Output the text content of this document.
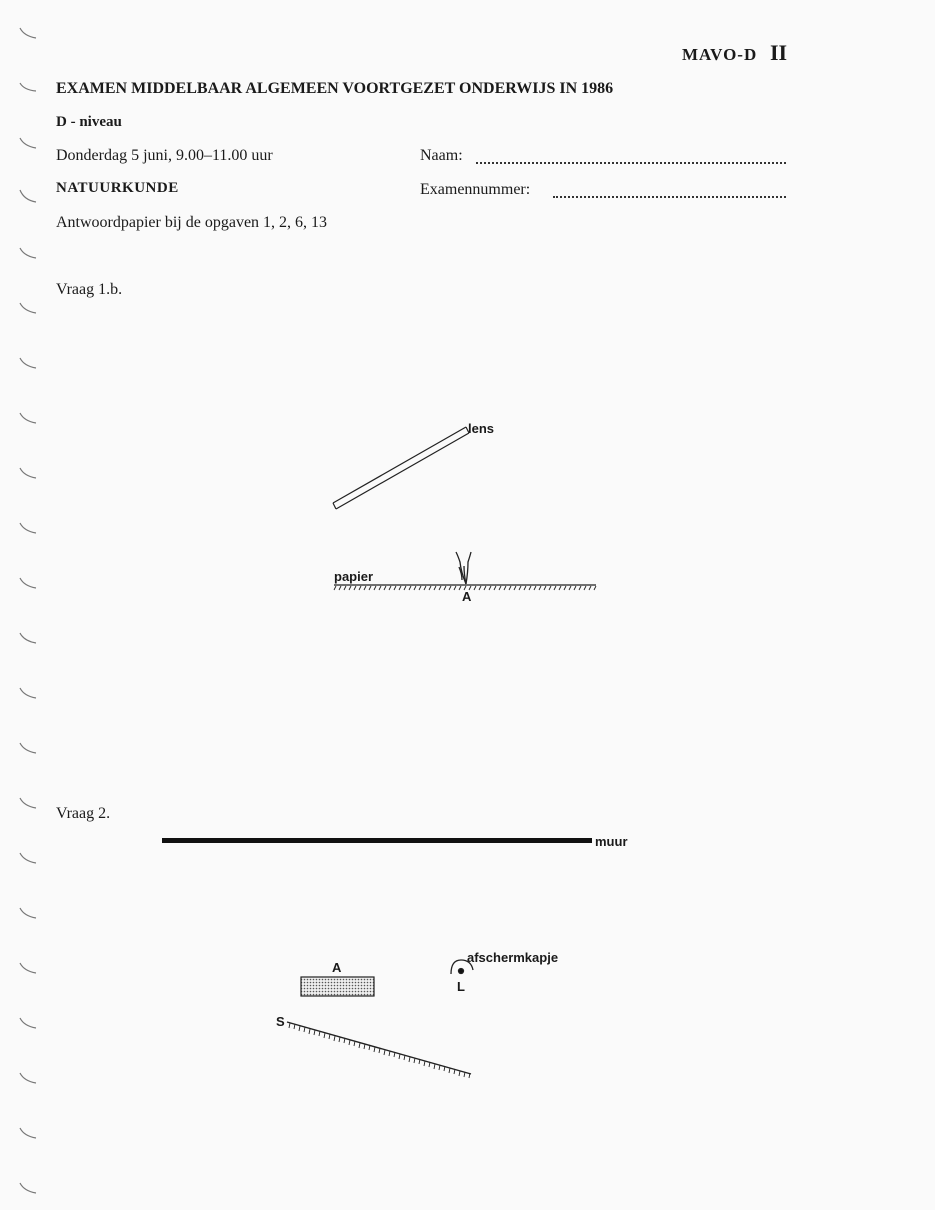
MAVO-D II
EXAMEN MIDDELBAAR ALGEMEEN VOORTGEZET ONDERWIJS IN 1986
D - niveau
Donderdag 5 juni, 9.00–11.00 uur
NATUURKUNDE
Antwoordpapier bij de opgaven 1, 2, 6, 13
Naam:
Examennummer:
Vraag 1.b.
lens
papier
A
Vraag 2.
muur
A
afschermkapje
L
S
